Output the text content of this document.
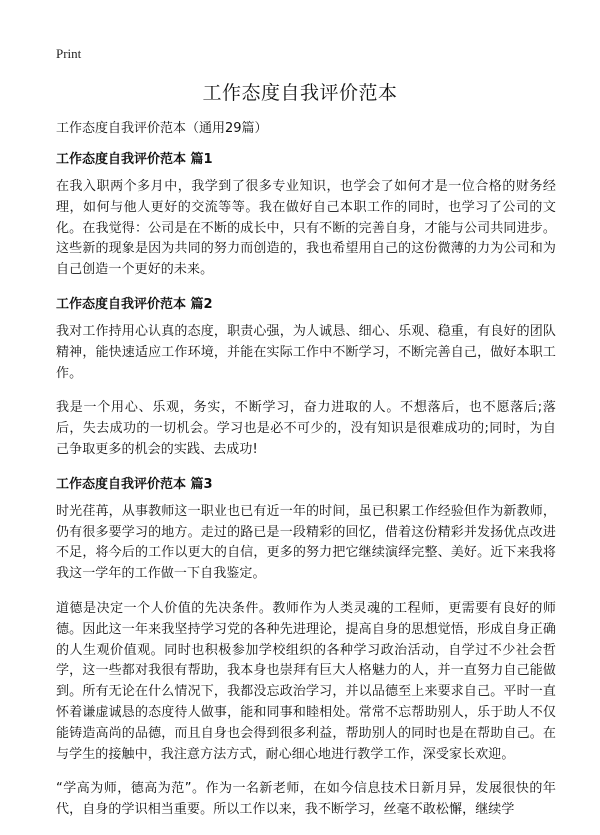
Print
工作态度自我评价范本

工作态度自我评价范本（通用29篇）

工作态度自我评价范本 篇1

在我入职两个多月中，我学到了很多专业知识，也学会了如何才是一位合格的财务经理，如何与他人更好的交流等等。我在做好自己本职工作的同时，也学习了公司的文化。在我觉得：公司是在不断的成长中，只有不断的完善自身，才能与公司共同进步。这些新的现象是因为共同的努力而创造的，我也希望用自己的这份微薄的力为公司和为自己创造一个更好的未来。

工作态度自我评价范本 篇2

我对工作持用心认真的态度，职责心强，为人诚恳、细心、乐观、稳重，有良好的团队精神，能快速适应工作环境，并能在实际工作中不断学习，不断完善自己，做好本职工作。

我是一个用心、乐观，务实，不断学习，奋力进取的人。不想落后，也不愿落后;落后，失去成功的一切机会。学习也是必不可少的，没有知识是很难成功的;同时，为自己争取更多的机会的实践、去成功!

工作态度自我评价范本 篇3

时光荏苒，从事教师这一职业也已有近一年的时间，虽已积累工作经验但作为新教师，仍有很多要学习的地方。走过的路已是一段精彩的回忆，借着这份精彩并发扬优点改进不足，将今后的工作以更大的自信，更多的努力把它继续演绎完整、美好。近下来我将我这一学年的工作做一下自我鉴定。

道德是决定一个人价值的先决条件。教师作为人类灵魂的工程师，更需要有良好的师德。因此这一年来我坚持学习党的各种先进理论，提高自身的思想觉悟，形成自身正确的人生观价值观。同时也积极参加学校组织的各种学习政治活动，自学过不少社会哲学，这一些都对我很有帮助，我本身也崇拜有巨大人格魅力的人，并一直努力自己能做到。所有无论在什么情况下，我都没忘政治学习，并以品德至上来要求自己。平时一直怀着谦虚诚恳的态度待人做事，能和同事和睦相处。常常不忘帮助别人，乐于助人不仅能铸造高尚的品德，而且自身也会得到很多利益，帮助别人的同时也是在帮助自己。在与学生的接触中，我注意方法方式，耐心细心地进行教学工作，深受家长欢迎。

“学高为师，德高为范”。作为一名新老师，在如今信息技术日新月异，发展很快的年代，自身的学识相当重要。所以工作以来，我不断学习，丝毫不敢松懈，继续学
